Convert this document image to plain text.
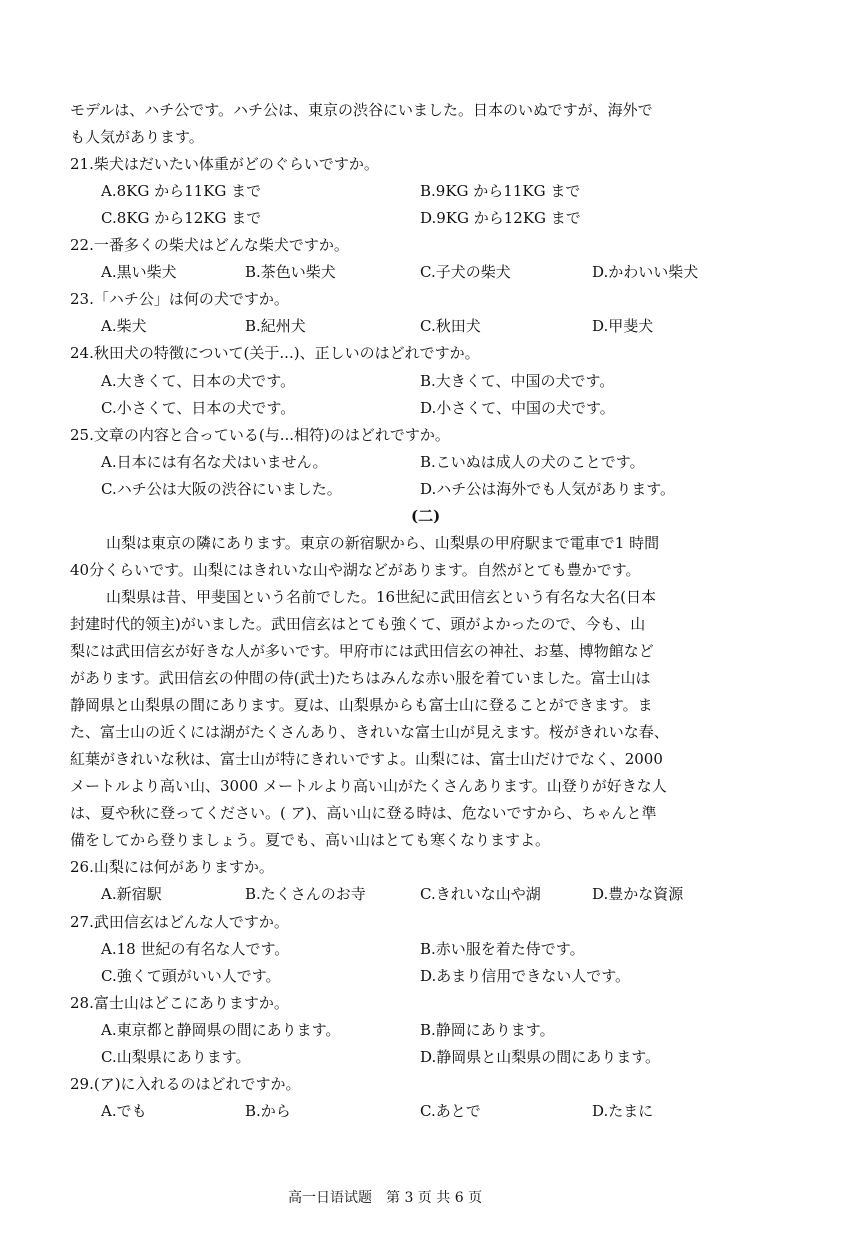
モデルは、ハチ公です。ハチ公は、東京の渋谷にいました。日本のいぬですが、海外で
も人気があります。
21.柴犬はだいたい体重がどのぐらいですか。
A.8KG から11KG まで	B.9KG から11KG まで
C.8KG から12KG まで	D.9KG から12KG まで
22.一番多くの柴犬はどんな柴犬ですか。
A.黒い柴犬	B.茶色い柴犬	C.子犬の柴犬	D.かわいい柴犬
23.「ハチ公」は何の犬ですか。
A.柴犬	B.紀州犬	C.秋田犬	D.甲斐犬
24.秋田犬の特徴について(关于...)、正しいのはどれですか。
A.大きくて、日本の犬です。	B.大きくて、中国の犬です。
C.小さくて、日本の犬です。	D.小さくて、中国の犬です。
25.文章の内容と合っている(与...相符)のはどれですか。
A.日本には有名な犬はいません。	B.こいぬは成人の犬のことです。
C.ハチ公は大阪の渋谷にいました。	D.ハチ公は海外でも人気があります。
(二)
山梨は東京の隣にあります。東京の新宿駅から、山梨県の甲府駅まで電車で1 時間
40分くらいです。山梨にはきれいな山や湖などがあります。自然がとても豊かです。
山梨県は昔、甲斐国という名前でした。16世紀に武田信玄という有名な大名(日本
封建时代的领主)がいました。武田信玄はとても強くて、頭がよかったので、今も、山
梨には武田信玄が好きな人が多いです。甲府市には武田信玄の神社、お墓、博物館など
があります。武田信玄の仲間の侍(武士)たちはみんな赤い服を着ていました。富士山は
静岡県と山梨県の間にあります。夏は、山梨県からも富士山に登ることができます。ま
た、富士山の近くには湖がたくさんあり、きれいな富士山が見えます。桜がきれいな春、
紅葉がきれいな秋は、富士山が特にきれいですよ。山梨には、富士山だけでなく、2000
メートルより高い山、3000 メートルより高い山がたくさんあります。山登りが好きな人
は、夏や秋に登ってください。( ア)、高い山に登る時は、危ないですから、ちゃんと準
備をしてから登りましょう。夏でも、高い山はとても寒くなりますよ。
26.山梨には何がありますか。
A.新宿駅	B.たくさんのお寺	C.きれいな山や湖	D.豊かな資源
27.武田信玄はどんな人ですか。
A.18 世紀の有名な人です。	B.赤い服を着た侍です。
C.強くて頭がいい人です。	D.あまり信用できない人です。
28.富士山はどこにありますか。
A.東京都と静岡県の間にあります。	B.静岡にあります。
C.山梨県にあります。	D.静岡県と山梨県の間にあります。
29.(ア)に入れるのはどれですか。
A.でも	B.から	C.あとで	D.たまに
高一日语试题　第 3 页 共 6 页
